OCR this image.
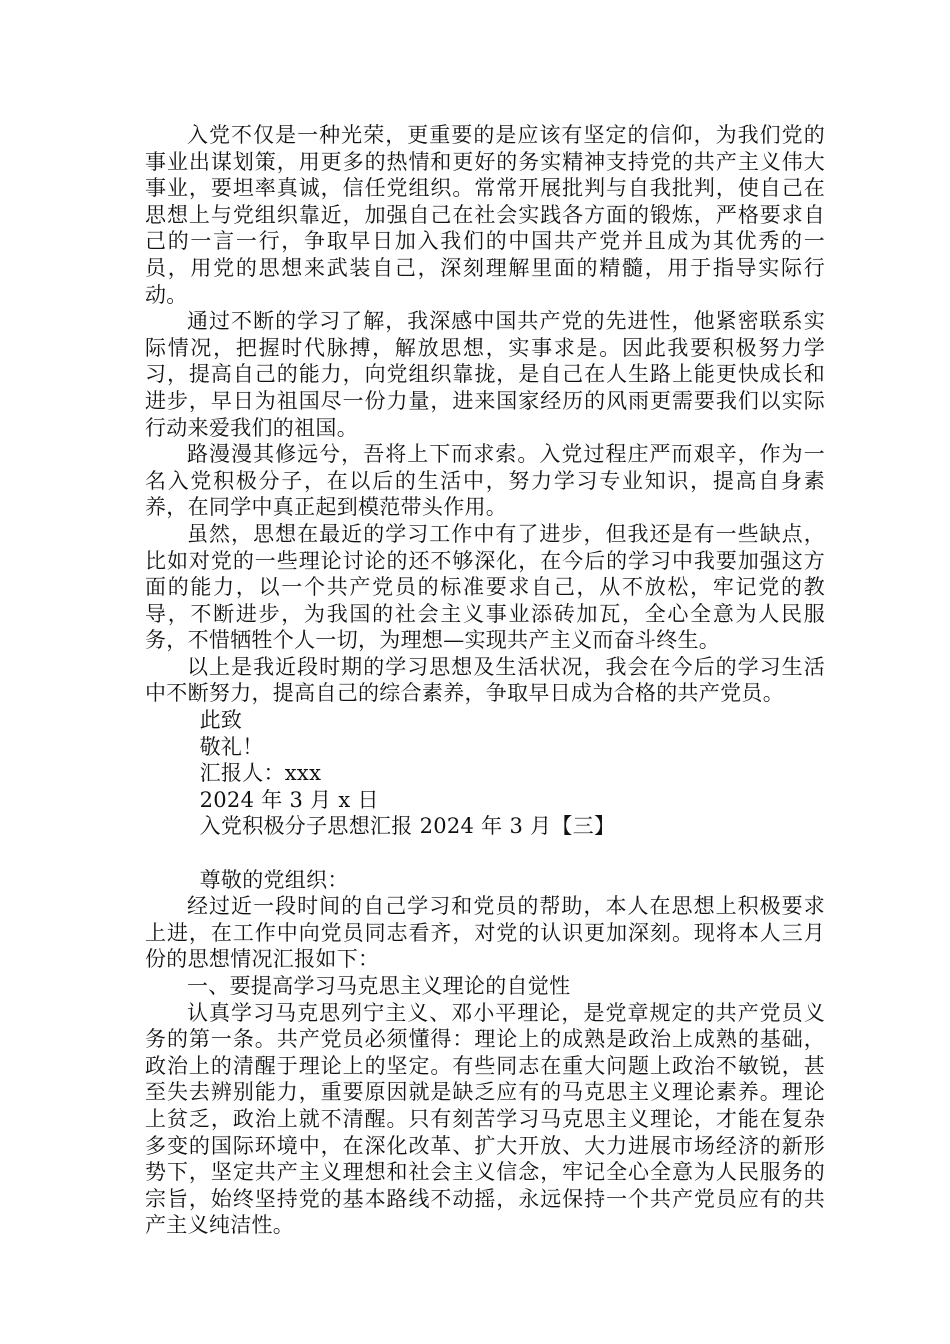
入党不仅是一种光荣，更重要的是应该有坚定的信仰，为我们党的事业出谋划策，用更多的热情和更好的务实精神支持党的共产主义伟大事业，要坦率真诚，信任党组织。常常开展批判与自我批判，使自己在思想上与党组织靠近，加强自己在社会实践各方面的锻炼，严格要求自己的一言一行，争取早日加入我们的中国共产党并且成为其优秀的一员，用党的思想来武装自己，深刻理解里面的精髓，用于指导实际行动。

通过不断的学习了解，我深感中国共产党的先进性，他紧密联系实际情况，把握时代脉搏，解放思想，实事求是。因此我要积极努力学习，提高自己的能力，向党组织靠拢，是自己在人生路上能更快成长和进步，早日为祖国尽一份力量，进来国家经历的风雨更需要我们以实际行动来爱我们的祖国。

路漫漫其修远兮，吾将上下而求索。入党过程庄严而艰辛，作为一名入党积极分子，在以后的生活中，努力学习专业知识，提高自身素养，在同学中真正起到模范带头作用。

虽然，思想在最近的学习工作中有了进步，但我还是有一些缺点，比如对党的一些理论讨论的还不够深化，在今后的学习中我要加强这方面的能力，以一个共产党员的标准要求自己，从不放松，牢记党的教导，不断进步，为我国的社会主义事业添砖加瓦，全心全意为人民服务，不惜牺牲个人一切，为理想—实现共产主义而奋斗终生。

以上是我近段时期的学习思想及生活状况，我会在今后的学习生活中不断努力，提高自己的综合素养，争取早日成为合格的共产党员。

此致

敬礼！

汇报人：xxx

2024 年 3 月 x 日

入党积极分子思想汇报 2024 年 3 月【三】

尊敬的党组织：

经过近一段时间的自己学习和党员的帮助，本人在思想上积极要求上进，在工作中向党员同志看齐，对党的认识更加深刻。现将本人三月份的思想情况汇报如下：

一、要提高学习马克思主义理论的自觉性

认真学习马克思列宁主义、邓小平理论，是党章规定的共产党员义务的第一条。共产党员必须懂得：理论上的成熟是政治上成熟的基础，政治上的清醒于理论上的坚定。有些同志在重大问题上政治不敏锐，甚至失去辨别能力，重要原因就是缺乏应有的马克思主义理论素养。理论上贫乏，政治上就不清醒。只有刻苦学习马克思主义理论，才能在复杂多变的国际环境中，在深化改革、扩大开放、大力进展市场经济的新形势下，坚定共产主义理想和社会主义信念，牢记全心全意为人民服务的宗旨，始终坚持党的基本路线不动摇，永远保持一个共产党员应有的共产主义纯洁性。
